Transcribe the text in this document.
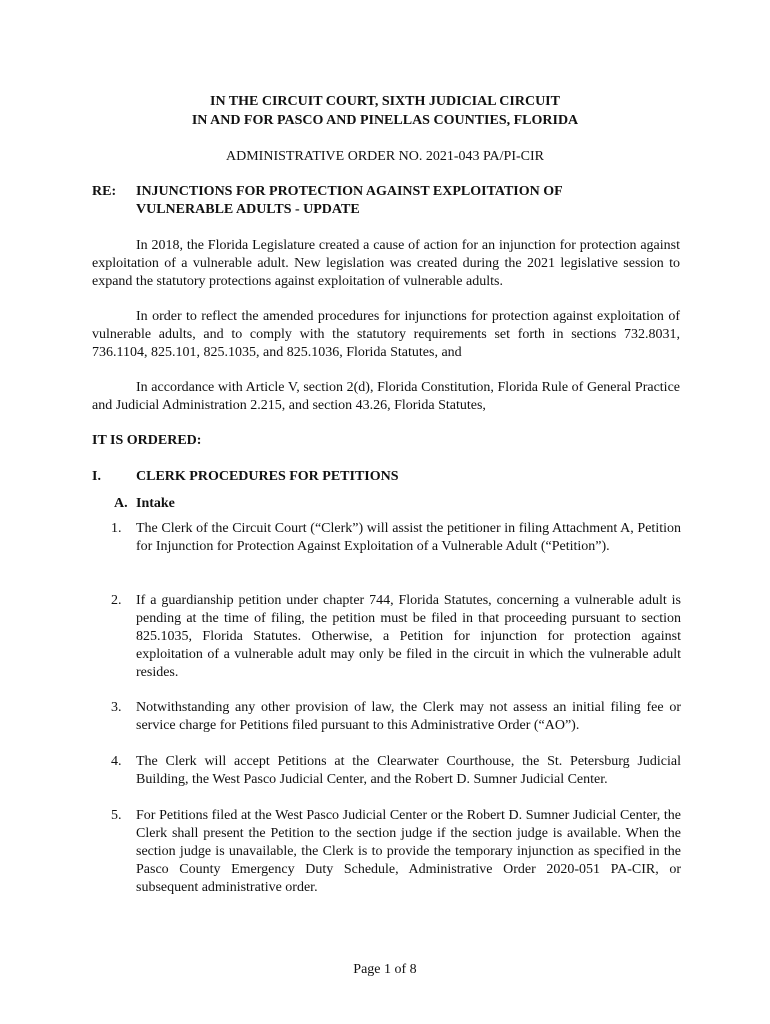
IN THE CIRCUIT COURT, SIXTH JUDICIAL CIRCUIT
IN AND FOR PASCO AND PINELLAS COUNTIES, FLORIDA
ADMINISTRATIVE ORDER NO. 2021-043 PA/PI-CIR
RE: INJUNCTIONS FOR PROTECTION AGAINST EXPLOITATION OF
VULNERABLE ADULTS - UPDATE
In 2018, the Florida Legislature created a cause of action for an injunction for protection against exploitation of a vulnerable adult. New legislation was created during the 2021 legislative session to expand the statutory protections against exploitation of vulnerable adults.
In order to reflect the amended procedures for injunctions for protection against exploitation of vulnerable adults, and to comply with the statutory requirements set forth in sections 732.8031, 736.1104, 825.101, 825.1035, and 825.1036, Florida Statutes, and
In accordance with Article V, section 2(d), Florida Constitution, Florida Rule of General Practice and Judicial Administration 2.215, and section 43.26, Florida Statutes,
IT IS ORDERED:
I.	CLERK PROCEDURES FOR PETITIONS
A. Intake
1. The Clerk of the Circuit Court (“Clerk”) will assist the petitioner in filing Attachment A, Petition for Injunction for Protection Against Exploitation of a Vulnerable Adult (“Petition”).
2. If a guardianship petition under chapter 744, Florida Statutes, concerning a vulnerable adult is pending at the time of filing, the petition must be filed in that proceeding pursuant to section 825.1035, Florida Statutes. Otherwise, a Petition for injunction for protection against exploitation of a vulnerable adult may only be filed in the circuit in which the vulnerable adult resides.
3. Notwithstanding any other provision of law, the Clerk may not assess an initial filing fee or service charge for Petitions filed pursuant to this Administrative Order (“AO”).
4. The Clerk will accept Petitions at the Clearwater Courthouse, the St. Petersburg Judicial Building, the West Pasco Judicial Center, and the Robert D. Sumner Judicial Center.
5. For Petitions filed at the West Pasco Judicial Center or the Robert D. Sumner Judicial Center, the Clerk shall present the Petition to the section judge if the section judge is available. When the section judge is unavailable, the Clerk is to provide the temporary injunction as specified in the Pasco County Emergency Duty Schedule, Administrative Order 2020-051 PA-CIR, or subsequent administrative order.
Page 1 of 8
